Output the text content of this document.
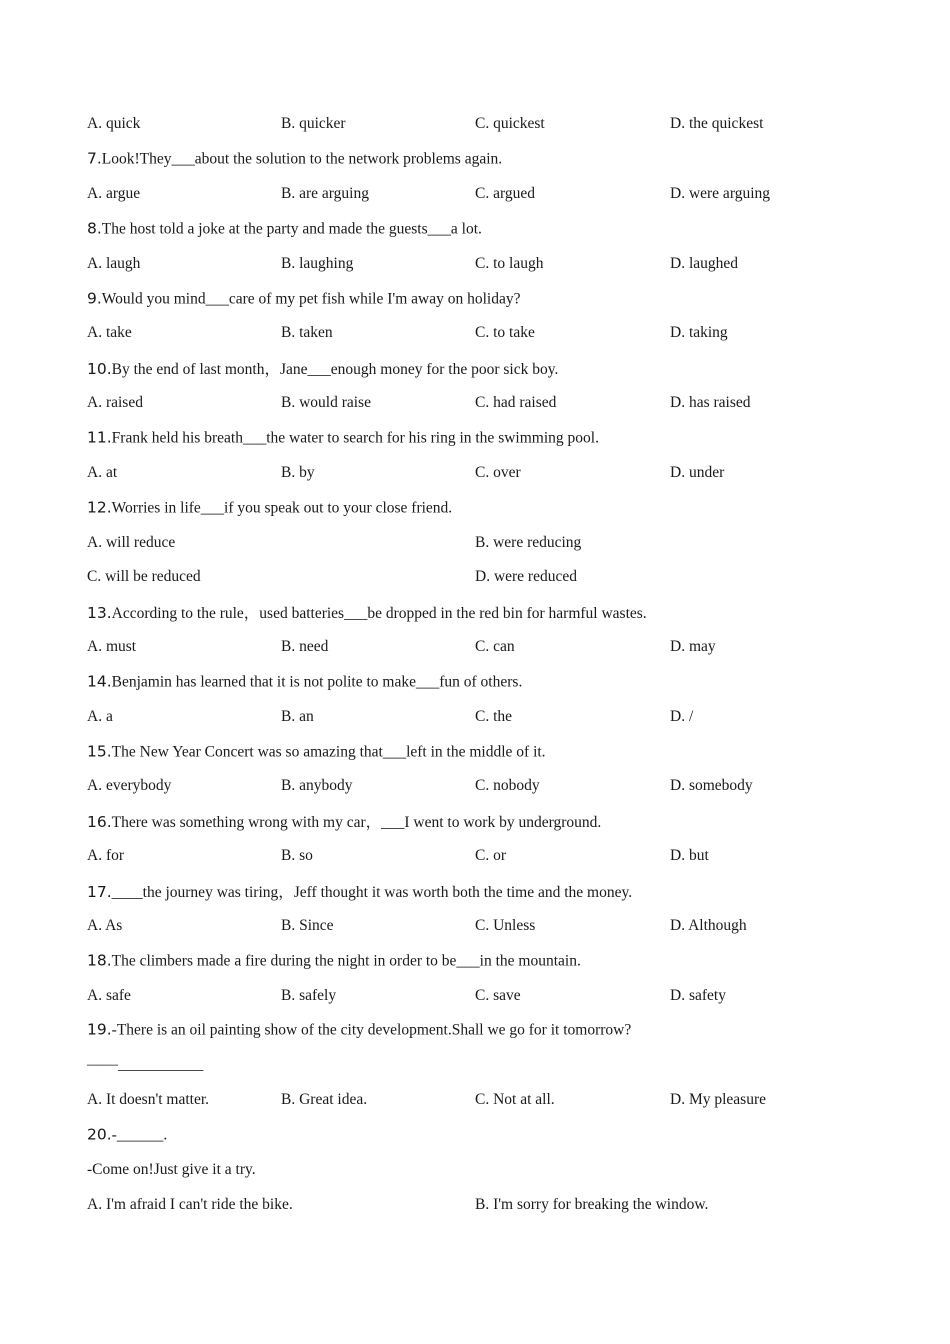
A. quick	B. quicker	C. quickest	D. the quickest
7.Look!They___about the solution to the network problems again.
A. argue	B. are arguing	C. argued	D. were arguing
8.The host told a joke at the party and made the guests___a lot.
A. laugh	B. laughing	C. to laugh	D. laughed
9.Would you mind___care of my pet fish while I'm away on holiday?
A. take	B. taken	C. to take	D. taking
10.By the end of last month，Jane___enough money for the poor sick boy.
A. raised	B. would raise	C. had raised	D. has raised
11.Frank held his breath___the water to search for his ring in the swimming pool.
A. at	B. by	C. over	D. under
12.Worries in life___if you speak out to your close friend.
A. will reduce	B. were reducing
C. will be reduced	D. were reduced
13.According to the rule，used batteries___be dropped in the red bin for harmful wastes.
A. must	B. need	C. can	D. may
14.Benjamin has learned that it is not polite to make___fun of others.
A. a	B. an	C. the	D. /
15.The New Year Concert was so amazing that___left in the middle of it.
A. everybody	B. anybody	C. nobody	D. somebody
16.There was something wrong with my car，___I went to work by underground.
A. for	B. so	C. or	D. but
17.____the journey was tiring，Jeff thought it was worth both the time and the money.
A. As	B. Since	C. Unless	D. Although
18.The climbers made a fire during the night in order to be___in the mountain.
A. safe	B. safely	C. save	D. safety
19.-There is an oil painting show of the city development.Shall we go for it tomorrow?
——___________
A. It doesn't matter.	B. Great idea.	C. Not at all.	D. My pleasure
20.-______.
-Come on!Just give it a try.
A. I'm afraid I can't ride the bike.	B. I'm sorry for breaking the window.
